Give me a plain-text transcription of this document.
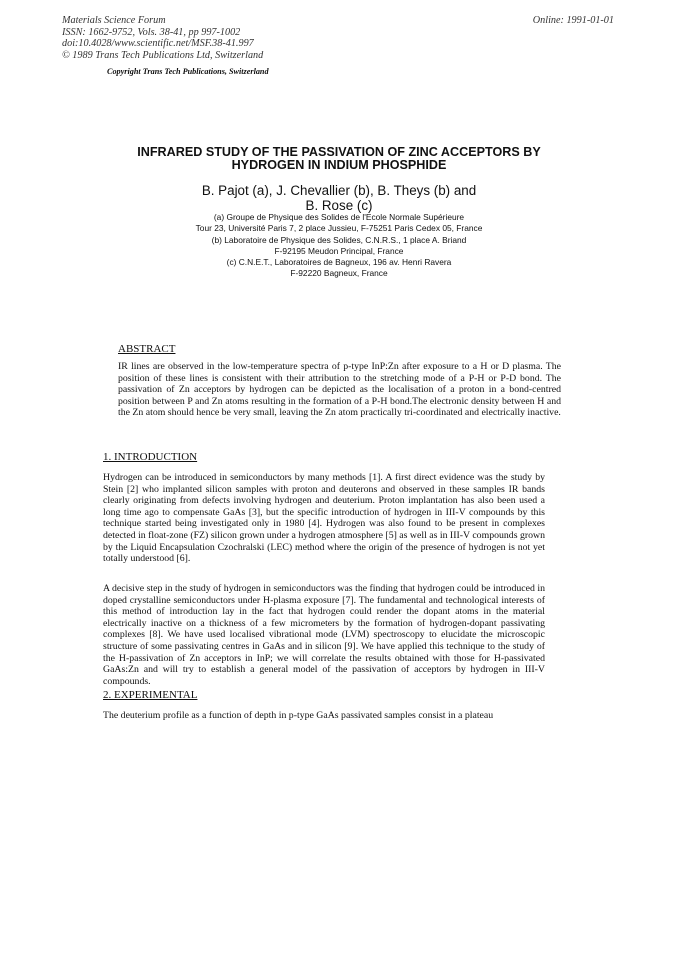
Materials Science Forum
ISSN: 1662-9752, Vols. 38-41, pp 997-1002
doi:10.4028/www.scientific.net/MSF.38-41.997
© 1989 Trans Tech Publications Ltd, Switzerland
Online: 1991-01-01
Copyright Trans Tech Publications, Switzerland
INFRARED STUDY OF THE PASSIVATION OF ZINC ACCEPTORS BY
HYDROGEN IN INDIUM PHOSPHIDE
B. Pajot (a), J. Chevallier (b), B. Theys (b) and
B. Rose (c)
(a) Groupe de Physique des Solides de l'Ecole Normale Supérieure
Tour 23, Université Paris 7, 2 place Jussieu, F-75251 Paris Cedex 05, France
(b) Laboratoire de Physique des Solides, C.N.R.S., 1 place A. Briand
F-92195 Meudon Principal, France
(c) C.N.E.T., Laboratoires de Bagneux, 196 av. Henri Ravera
F-92220 Bagneux, France
ABSTRACT

IR lines are observed in the low-temperature spectra of p-type InP:Zn after exposure to a H or D plasma. The position of these lines is consistent with their attribution to the stretching mode of a P-H or P-D bond. The passivation of Zn acceptors by hydrogen can be depicted as the localisation of a proton in a bond-centred position between P and Zn atoms resulting in the formation of a P-H bond.The electronic density between H and the Zn atom should hence be very small, leaving the Zn atom practically tri-coordinated and electrically inactive.

1. INTRODUCTION

Hydrogen can be introduced in semiconductors by many methods [1]. A first direct evidence was the study by Stein [2] who implanted silicon samples with proton and deuterons and observed in these samples IR bands clearly originating from defects involving hydrogen and deuterium. Proton implantation has also been used a long time ago to compensate GaAs [3], but the specific introduction of hydrogen in III-V compounds by this technique started being investigated only in 1980 [4]. Hydrogen was also found to be present in complexes detected in float-zone (FZ) silicon grown under a hydrogen atmosphere [5] as well as in III-V compounds grown by the Liquid Encapsulation Czochralski (LEC) method where the origin of the presence of hydrogen is not yet totally understood [6].

A decisive step in the study of hydrogen in semiconductors was the finding that hydrogen could be introduced in doped crystalline semiconductors under H-plasma exposure [7]. The fundamental and technological interests of this method of introduction lay in the fact that hydrogen could render the dopant atoms in the material electrically inactive on a thickness of a few micrometers by the formation of hydrogen-dopant passivating complexes [8]. We have used localised vibrational mode (LVM) spectroscopy to elucidate the microscopic structure of some passivating centres in GaAs and in silicon [9]. We have applied this technique to the study of the H-passivation of Zn acceptors in InP; we will correlate the results obtained with those for H-passivated GaAs:Zn and will try to establish a general model of the passivation of acceptors by hydrogen in III-V compounds.

2. EXPERIMENTAL

The deuterium profile as a function of depth in p-type GaAs passivated samples consist in a plateau
